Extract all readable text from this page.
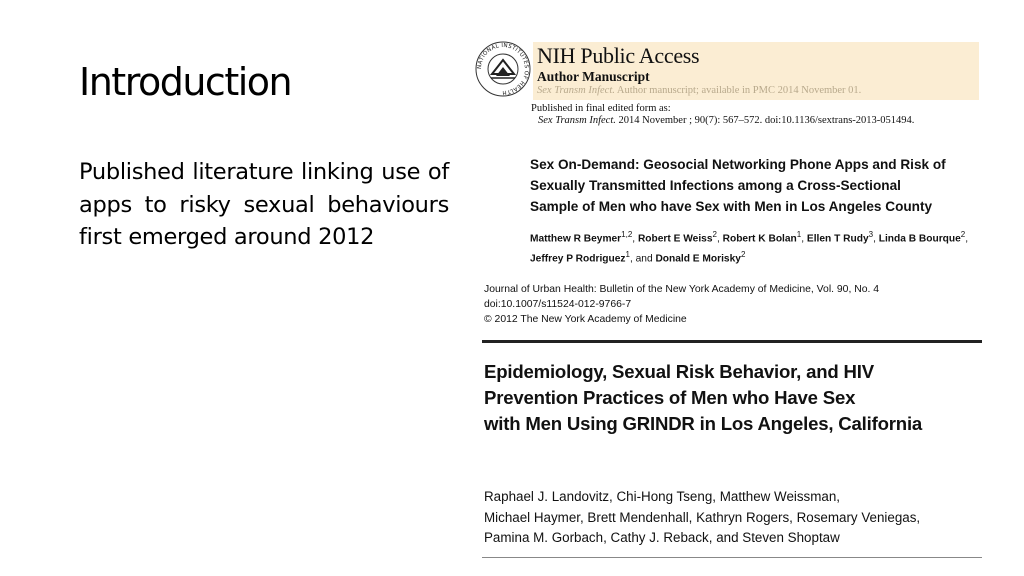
Introduction

Published literature linking use of apps to risky sexual behaviours first emerged around 2012

NATIONAL INSTITUTES OF HEALTH
NIH Public Access
Author Manuscript
Sex Transm Infect. Author manuscript; available in PMC 2014 November 01.
Published in final edited form as:
Sex Transm Infect. 2014 November ; 90(7): 567–572. doi:10.1136/sextrans-2013-051494.
Sex On-Demand: Geosocial Networking Phone Apps and Risk of
Sexually Transmitted Infections among a Cross-Sectional
Sample of Men who have Sex with Men in Los Angeles County
Matthew R Beymer$^{1,2}$, Robert E Weiss$^2$, Robert K Bolan$^1$, Ellen T Rudy$^3$, Linda B Bourque$^2$,
Jeffrey P Rodriguez$^1$, and Donald E Morisky$^2$
Journal of Urban Health: Bulletin of the New York Academy of Medicine, Vol. 90, No. 4
doi:10.1007/s11524-012-9766-7
© 2012 The New York Academy of Medicine
Epidemiology, Sexual Risk Behavior, and HIV
Prevention Practices of Men who Have Sex
with Men Using GRINDR in Los Angeles, California
Raphael J. Landovitz, Chi-Hong Tseng, Matthew Weissman,
Michael Haymer, Brett Mendenhall, Kathryn Rogers, Rosemary Veniegas,
Pamina M. Gorbach, Cathy J. Reback, and Steven Shoptaw
